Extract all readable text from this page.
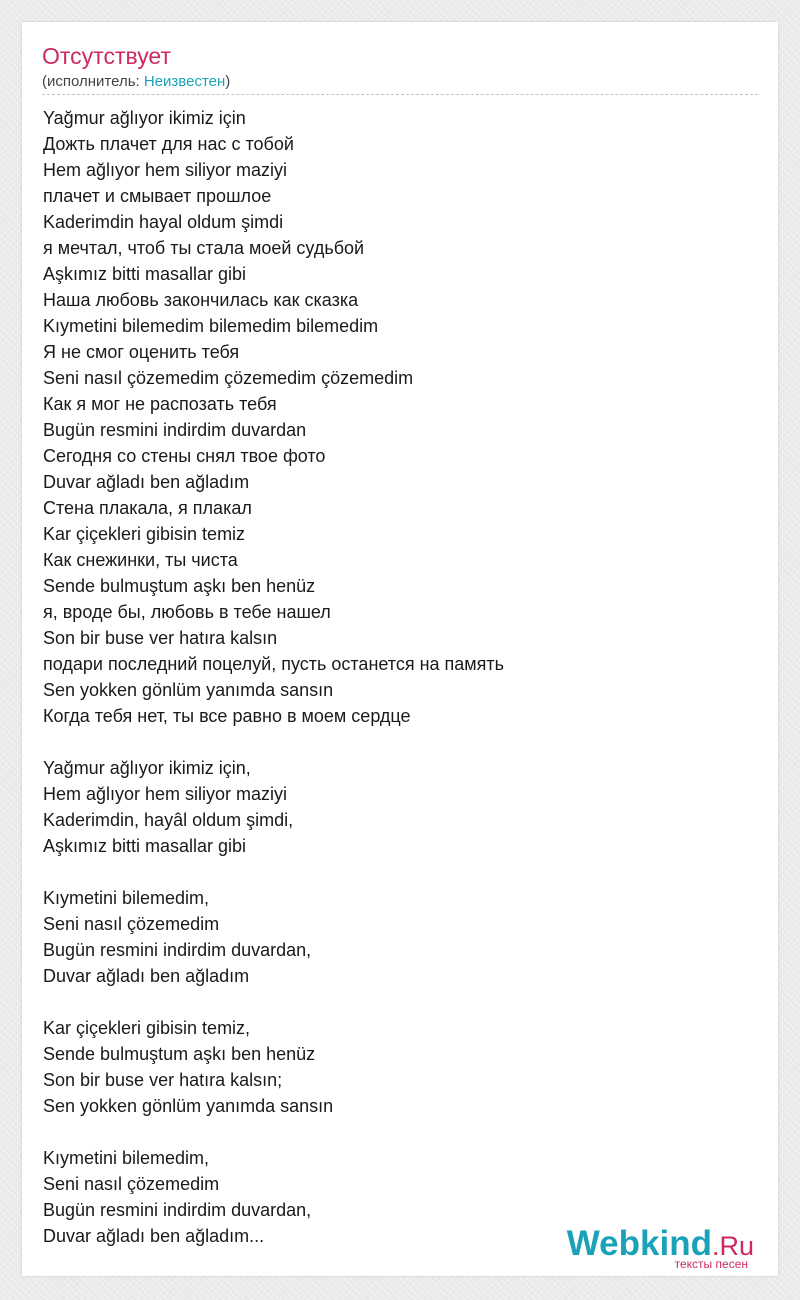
Отсутствует
(исполнитель: Неизвестен)
Yağmur ağlıyor ikimiz için
Дожть плачет для нас с тобой
Hem ağlıyor hem siliyor maziyi
плачет и смывает прошлое
Kaderimdin hayal oldum şimdi
я мечтал, чтоб ты стала моей судьбой
Aşkımız bitti masallar gibi
Наша любовь закончилась как сказка
Kıymetini bilemedim bilemedim bilemedim
Я не смог оценить тебя
Seni nasıl çözemedim çözemedim çözemedim
Как я мог не распозать тебя
Bugün resmini indirdim duvardan
Сегодня со стены снял твое фото
Duvar ağladı ben ağladım
Стена плакала, я плакал
Kar çiçekleri gibisin temiz
Как снежинки, ты чиста
Sende bulmuştum aşkı ben henüz
я, вроде бы, любовь в тебе нашел
Son bir buse ver hatıra kalsın
подари последний поцелуй, пусть останется на память
Sen yokken gönlüm yanımda sansın
Когда тебя нет, ты все равно в моем сердце
Yağmur ağlıyor ikimiz için,
Hem ağlıyor hem siliyor maziyi
Kaderimdin, hayâl oldum şimdi,
Aşkımız bitti masallar gibi
Kıymetini bilemedim,
Seni nasıl çözemedim
Bugün resmini indirdim duvardan,
Duvar ağladı ben ağladım
Kar çiçekleri gibisin temiz,
Sende bulmuştum aşkı ben henüz
Son bir buse ver hatıra kalsın;
Sen yokken gönlüm yanımda sansın
Kıymetini bilemedim,
Seni nasıl çözemedim
Bugün resmini indirdim duvardan,
Duvar ağladı ben ağladım...	Webkind.Ru
тексты песен
